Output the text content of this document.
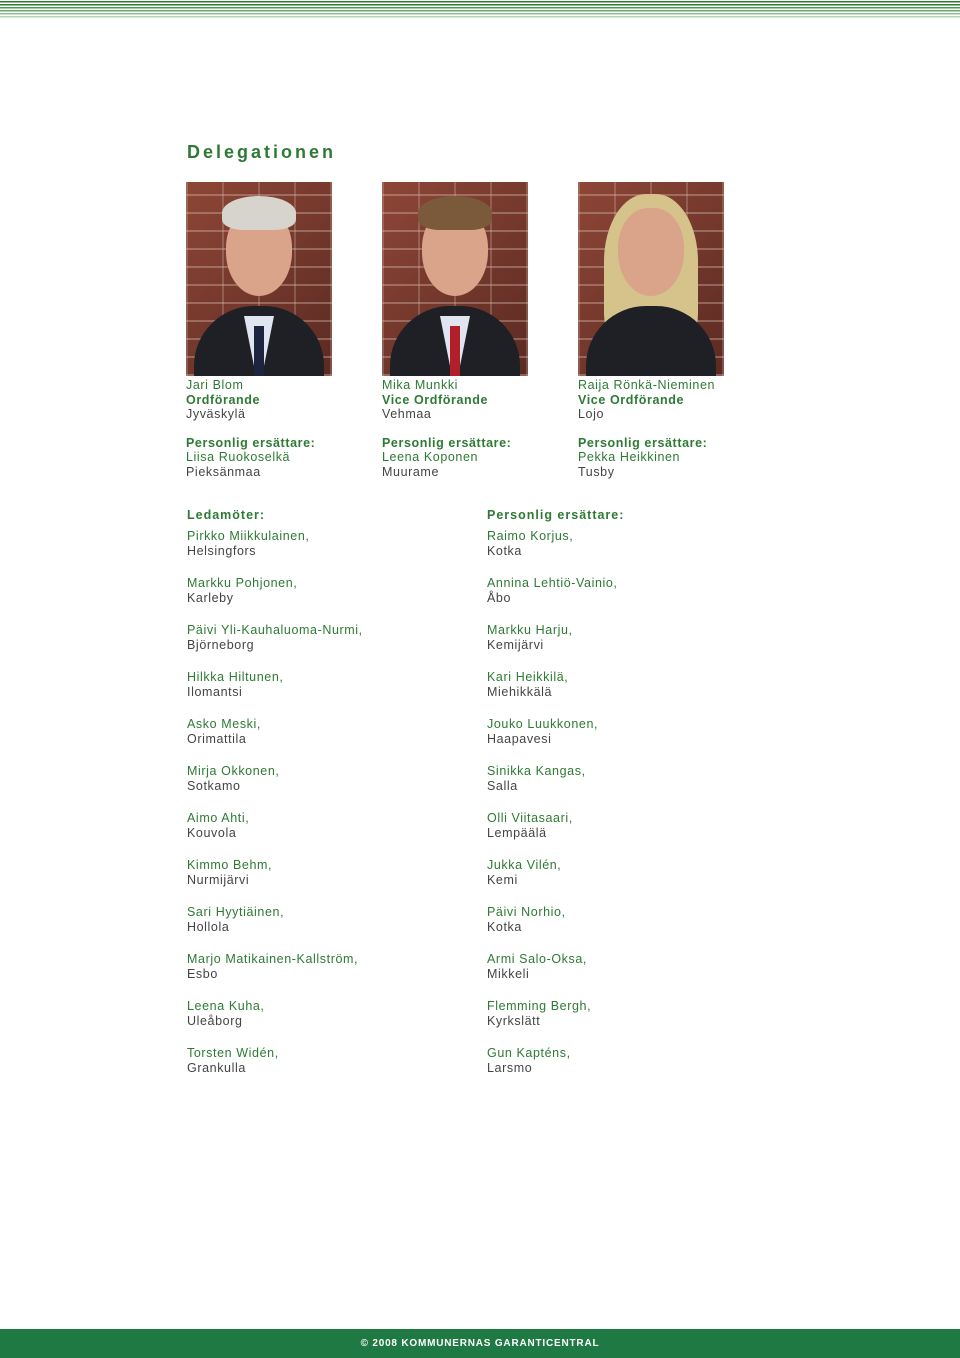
Delegationen
Jari Blom
Ordförande
Jyväskylä
Personlig ersättare:
Liisa Ruokoselkä
Pieksänmaa
Mika Munkki
Vice Ordförande
Vehmaa
Personlig ersättare:
Leena Koponen
Muurame
Raija Rönkä-Nieminen
Vice Ordförande
Lojo
Personlig ersättare:
Pekka Heikkinen
Tusby
Ledamöter:
Pirkko Miikkulainen,
Helsingfors
Markku Pohjonen,
Karleby
Päivi Yli-Kauhaluoma-Nurmi,
Björneborg
Hilkka Hiltunen,
Ilomantsi
Asko Meski,
Orimattila
Mirja Okkonen,
Sotkamo
Aimo Ahti,
Kouvola
Kimmo Behm,
Nurmijärvi
Sari Hyytiäinen,
Hollola
Marjo Matikainen-Kallström,
Esbo
Leena Kuha,
Uleåborg
Torsten Widén,
Grankulla
Personlig ersättare:
Raimo Korjus,
Kotka
Annina Lehtiö-Vainio,
Åbo
Markku Harju,
Kemijärvi
Kari Heikkilä,
Miehikkälä
Jouko Luukkonen,
Haapavesi
Sinikka Kangas,
Salla
Olli Viitasaari,
Lempäälä
Jukka Vilén,
Kemi
Päivi Norhio,
Kotka
Armi Salo-Oksa,
Mikkeli
Flemming Bergh,
Kyrkslätt
Gun Kapténs,
Larsmo
© 2008 KOMMUNERNAS GARANTICENTRAL
